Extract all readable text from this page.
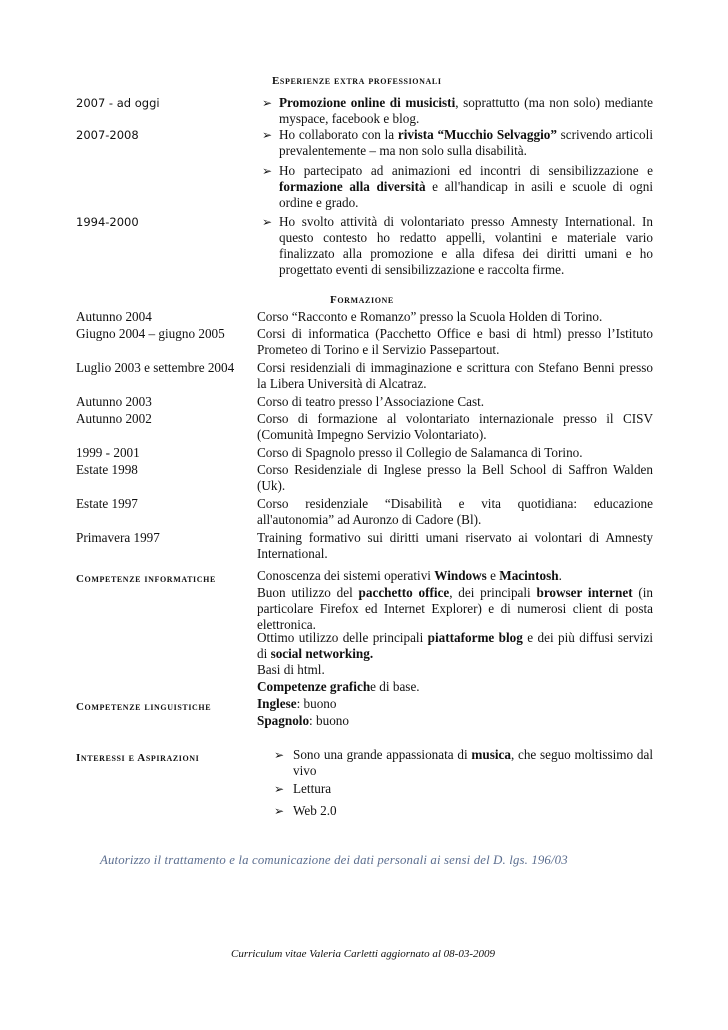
Esperienze extra professionali
2007 - ad oggi	➢ Promozione online di musicisti, soprattutto (ma non solo) mediante myspace, facebook e blog.
2007-2008	➢ Ho collaborato con la rivista “Mucchio Selvaggio” scrivendo articoli prevalentemente – ma non solo sulla disabilità.
➢ Ho partecipato ad animazioni ed incontri di sensibilizzazione e formazione alla diversità e all'handicap in asili e scuole di ogni ordine e grado.
1994-2000	➢ Ho svolto attività di volontariato presso Amnesty International. In questo contesto ho redatto appelli, volantini e materiale vario finalizzato alla promozione e alla difesa dei diritti umani e ho progettato eventi di sensibilizzazione e raccolta firme.
Formazione
Autunno 2004	Corso “Racconto e Romanzo” presso la Scuola Holden di Torino.
Giugno 2004 – giugno 2005 Corsi di informatica (Pacchetto Office e basi di html) presso l’Istituto Prometeo di Torino e il Servizio Passepartout.
Luglio 2003 e settembre 2004	Corsi residenziali di immaginazione e scrittura con Stefano Benni presso la Libera Università di Alcatraz.
Autunno 2003	Corso di teatro presso l’Associazione Cast.
Autunno 2002	Corso di formazione al volontariato internazionale presso il CISV (Comunità Impegno Servizio Volontariato).
1999 - 2001	Corso di Spagnolo presso il Collegio de Salamanca di Torino.
Estate 1998	Corso Residenziale di Inglese presso la Bell School di Saffron Walden (Uk).
Estate 1997	Corso residenziale “Disabilità e vita quotidiana: educazione all'autonomia” ad Auronzo di Cadore (Bl).
Primavera 1997	Training formativo sui diritti umani riservato ai volontari di Amnesty International.
Competenze informatiche	Conoscenza dei sistemi operativi Windows e Macintosh.
Buon utilizzo del pacchetto office, dei principali browser internet (in particolare Firefox ed Internet Explorer) e di numerosi client di posta elettronica.
Ottimo utilizzo delle principali piattaforme blog e dei più diffusi servizi di social networking.
Basi di html.
Competenze grafiche di base.
Competenze linguistiche	Inglese: buono
Spagnolo: buono
Interessi e Aspirazioni	➢ Sono una grande appassionata di musica, che seguo moltissimo dal vivo
➢ Lettura
➢ Web 2.0
Autorizzo il trattamento e la comunicazione dei dati personali ai sensi del D. lgs. 196/03
Curriculum vitae Valeria Carletti aggiornato al 08-03-2009
